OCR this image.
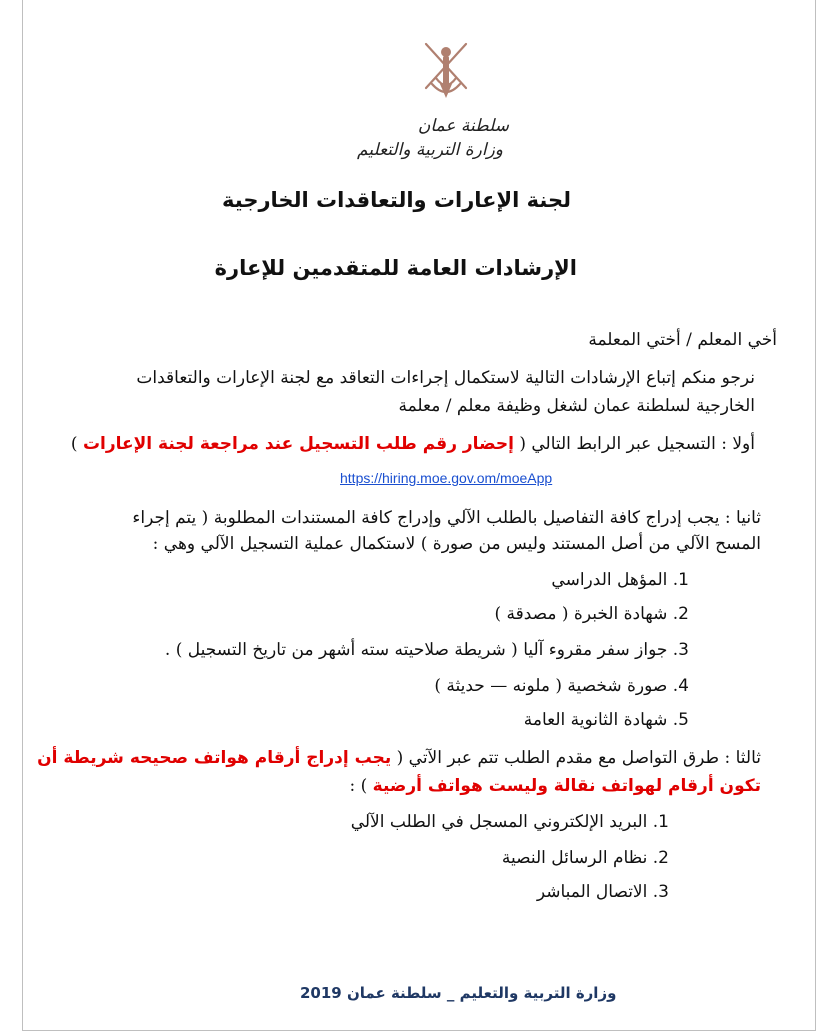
سلطنة عمان
وزارة التربية والتعليم
لجنة الإعارات والتعاقدات الخارجية
الإرشادات العامة للمتقدمين للإعارة
أخي المعلم / أختي المعلمة
نرجو منكم إتباع الإرشادات التالية لاستكمال إجراءات التعاقد مع لجنة الإعارات والتعاقدات
الخارجية لسلطنة عمان لشغل وظيفة معلم / معلمة
أولا : التسجيل عبر الرابط التالي ( إحضار رقم طلب التسجيل عند مراجعة لجنة الإعارات )
https://hiring.moe.gov.om/moeApp
ثانيا : يجب إدراج كافة التفاصيل بالطلب الآلي وإدراج كافة المستندات المطلوبة ( يتم إجراء
المسح الآلي من أصل المستند وليس من صورة ) لاستكمال عملية التسجيل الآلي وهي :
1. المؤهل الدراسي
2. شهادة الخبرة ( مصدقة )
3. جواز سفر مقروء آليا ( شريطة صلاحيته سته أشهر من تاريخ التسجيل ) .
4. صورة شخصية ( ملونه — حديثة )
5. شهادة الثانوية العامة
ثالثا : طرق التواصل مع مقدم الطلب تتم عبر الآتي ( يجب إدراج أرقام هواتف صحيحه شريطة أن
تكون أرقام لهواتف نقالة وليست هواتف أرضية ) :
1. البريد الإلكتروني المسجل في الطلب الآلي
2. نظام الرسائل النصية
3. الاتصال المباشر
وزارة التربية والتعليم _ سلطنة عمان 2019
